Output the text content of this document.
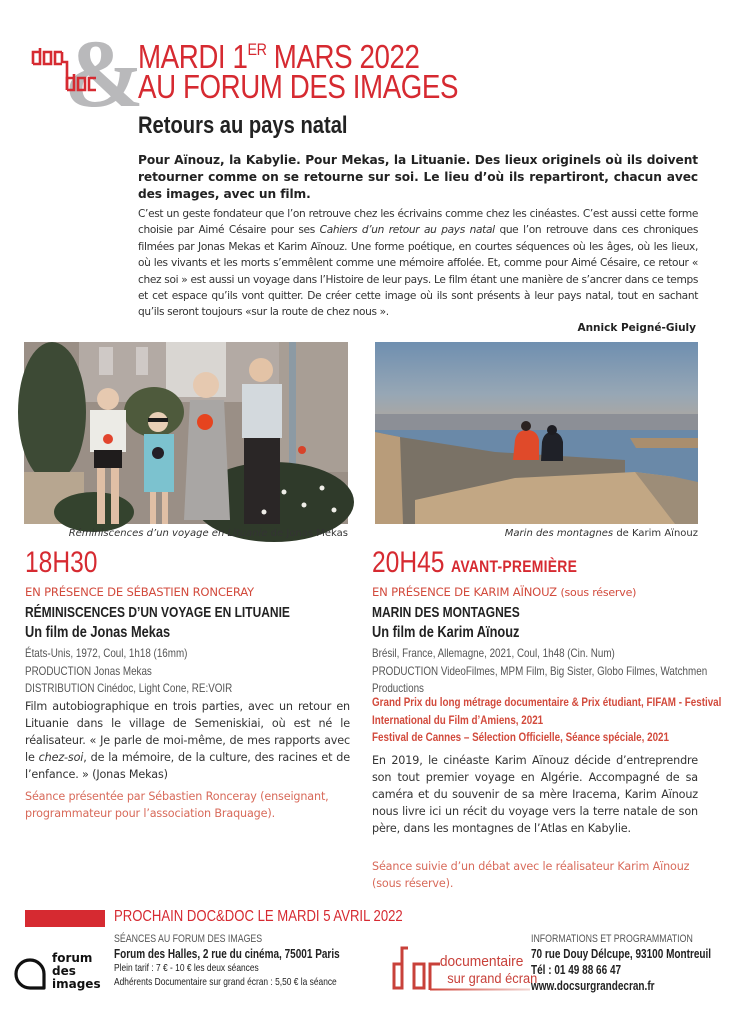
&
MARDI 1ER MARS 2022
AU FORUM DES IMAGES
Retours au pays natal
Pour Aïnouz, la Kabylie. Pour Mekas, la Lituanie. Des lieux originels où ils doivent retourner comme on se retourne sur soi. Le lieu d’où ils repartiront, chacun avec des images, avec un film.
C’est un geste fondateur que l’on retrouve chez les écrivains comme chez les cinéastes. C’est aussi cette forme choisie par Aimé Césaire pour ses Cahiers d’un retour au pays natal que l’on retrouve dans ces chroniques filmées par Jonas Mekas et Karim Aïnouz. Une forme poétique, en courtes séquences où les âges, où les lieux, où les vivants et les morts s’emmêlent comme une mémoire affolée. Et, comme pour Aimé Césaire, ce retour « chez soi » est aussi un voyage dans l’Histoire de leur pays. Le film étant une manière de s’ancrer dans ce temps et cet espace qu’ils vont quitter. De créer cette image où ils sont présents à leur pays natal, tout en sachant qu’ils seront toujours «sur la route de chez nous ».
Annick Peigné-Giuly
Réminiscences d’un voyage en Lituanie de Jonas Mekas	Marin des montagnes de Karim Aïnouz
18H30
EN PRÉSENCE DE SÉBASTIEN RONCERAY
RÉMINISCENCES D’UN VOYAGE EN LITUANIE
Un film de Jonas Mekas
États-Unis, 1972, Coul, 1h18 (16mm)
PRODUCTION Jonas Mekas
DISTRIBUTION Cinédoc, Light Cone, RE:VOIR
Film autobiographique en trois parties, avec un retour en Lituanie dans le village de Semeniskiai, où est né le réalisateur. « Je parle de moi-même, de mes rapports avec le chez-soi, de la mémoire, de la culture, des racines et de l’enfance. » (Jonas Mekas)
Séance présentée par Sébastien Ronceray (enseignant, programmateur pour l’association Braquage).
20H45 AVANT-PREMIÈRE
EN PRÉSENCE DE KARIM AÏNOUZ (sous réserve)
MARIN DES MONTAGNES
Un film de Karim Aïnouz
Brésil, France, Allemagne, 2021, Coul, 1h48 (Cin. Num)
PRODUCTION VideoFilmes, MPM Film, Big Sister, Globo Filmes, Watchmen
Productions
Grand Prix du long métrage documentaire & Prix étudiant, FIFAM - Festival
International du Film d’Amiens, 2021
Festival de Cannes – Sélection Officielle, Séance spéciale, 2021
En 2019, le cinéaste Karim Aïnouz décide d’entreprendre son tout premier voyage en Algérie. Accompagné de sa caméra et du souvenir de sa mère Iracema, Karim Aïnouz nous livre ici un récit du voyage vers la terre natale de son père, dans les montagnes de l’Atlas en Kabylie.
Séance suivie d’un débat avec le réalisateur Karim Aïnouz (sous réserve).
PROCHAIN DOC&DOC LE MARDI 5 AVRIL 2022
forum
des
images
SÉANCES AU FORUM DES IMAGES
Forum des Halles, 2 rue du cinéma, 75001 Paris
Plein tarif : 7 € - 10 € les deux séances
Adhérents Documentaire sur grand écran : 5,50 € la séance
documentaire
sur grand écran
INFORMATIONS ET PROGRAMMATION
70 rue Douy Délcupe, 93100 Montreuil
Tél : 01 49 88 66 47
www.docsurgrandecran.fr
